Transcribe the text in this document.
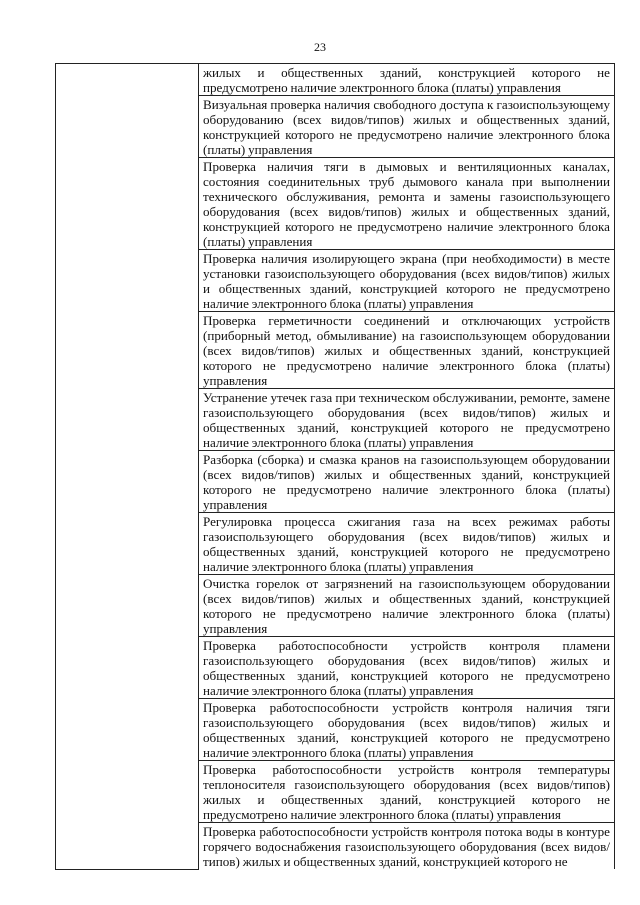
23

жилых и общественных зданий, конструкцией которого не предусмотрено наличие электронного блока (платы) управления

Визуальная проверка наличия свободного доступа к газоиспользующему оборудованию (всех видов/типов) жилых и общественных зданий, конструкцией которого не предусмотрено наличие электронного блока (платы) управления

Проверка наличия тяги в дымовых и вентиляционных каналах, состояния соединительных труб дымового канала при выполнении технического обслуживания, ремонта и замены газоиспользующего оборудования (всех видов/типов) жилых и общественных зданий, конструкцией которого не предусмотрено наличие электронного блока (платы) управления

Проверка наличия изолирующего экрана (при необходимости) в месте установки газоиспользующего оборудования (всех видов/типов) жилых и общественных зданий, конструкцией которого не предусмотрено наличие электронного блока (платы) управления

Проверка герметичности соединений и отключающих устройств (приборный метод, обмыливание) на газоиспользующем оборудовании (всех видов/типов) жилых и общественных зданий, конструкцией которого не предусмотрено наличие электронного блока (платы) управления

Устранение утечек газа при техническом обслуживании, ремонте, замене газоиспользующего оборудования (всех видов/типов) жилых и общественных зданий, конструкцией которого не предусмотрено наличие электронного блока (платы) управления

Разборка (сборка) и смазка кранов на газоиспользующем оборудовании (всех видов/типов) жилых и общественных зданий, конструкцией которого не предусмотрено наличие электронного блока (платы) управления

Регулировка процесса сжигания газа на всех режимах работы газоиспользующего оборудования (всех видов/типов) жилых и общественных зданий, конструкцией которого не предусмотрено наличие электронного блока (платы) управления

Очистка горелок от загрязнений на газоиспользующем оборудовании (всех видов/типов) жилых и общественных зданий, конструкцией которого не предусмотрено наличие электронного блока (платы) управления

Проверка работоспособности устройств контроля пламени газоиспользующего оборудования (всех видов/типов) жилых и общественных зданий, конструкцией которого не предусмотрено наличие электронного блока (платы) управления

Проверка работоспособности устройств контроля наличия тяги газоиспользующего оборудования (всех видов/типов) жилых и общественных зданий, конструкцией которого не предусмотрено наличие электронного блока (платы) управления

Проверка работоспособности устройств контроля температуры теплоносителя газоиспользующего оборудования (всех видов/типов) жилых и общественных зданий, конструкцией которого не предусмотрено наличие электронного блока (платы) управления

Проверка работоспособности устройств контроля потока воды в контуре горячего водоснабжения газоиспользующего оборудования (всех видов/типов) жилых и общественных зданий, конструкцией которого не
